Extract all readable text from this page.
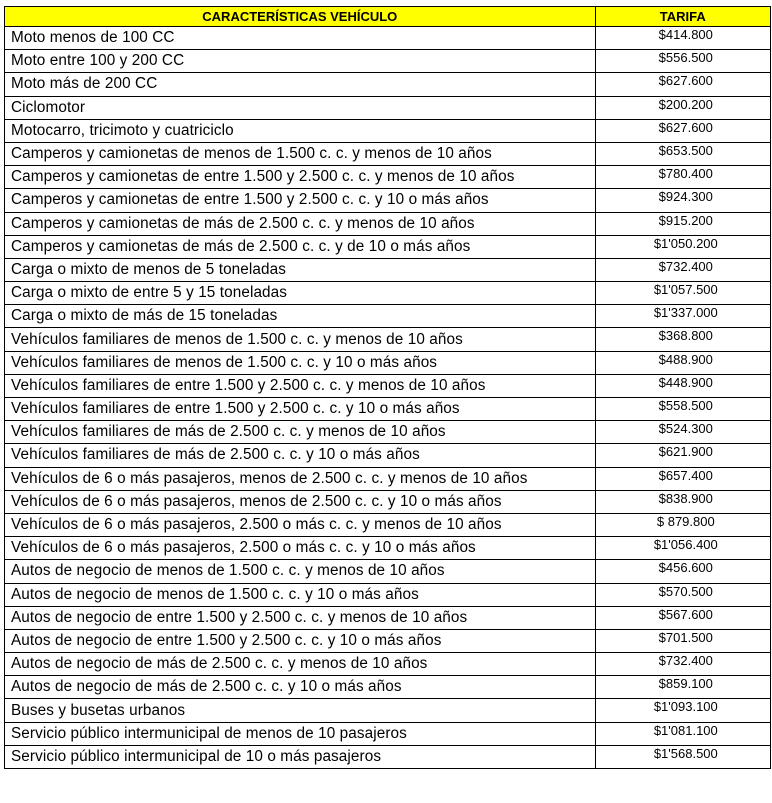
CARACTERÍSTICAS VEHÍCULO	TARIFA
Moto menos de 100 CC	$414.800
Moto entre 100 y 200 CC	$556.500
Moto más de 200 CC	$627.600
Ciclomotor	$200.200
Motocarro, tricimoto y cuatriciclo	$627.600
Camperos y camionetas de menos de 1.500 c. c. y menos de 10 años	$653.500
Camperos y camionetas de entre 1.500 y 2.500 c. c. y menos de 10 años	$780.400
Camperos y camionetas de entre 1.500 y 2.500 c. c. y 10 o más años	$924.300
Camperos y camionetas de más de 2.500 c. c. y menos de 10 años	$915.200
Camperos y camionetas de más de 2.500 c. c. y de 10 o más años	$1'050.200
Carga o mixto de menos de 5 toneladas	$732.400
Carga o mixto de entre 5 y 15 toneladas	$1'057.500
Carga o mixto de más de 15 toneladas	$1'337.000
Vehículos familiares de menos de 1.500 c. c. y menos de 10 años	$368.800
Vehículos familiares de menos de 1.500 c. c. y 10 o más años	$488.900
Vehículos familiares de entre 1.500 y 2.500 c. c. y menos de 10 años	$448.900
Vehículos familiares de entre 1.500 y 2.500 c. c. y 10 o más años	$558.500
Vehículos familiares de más de 2.500 c. c. y menos de 10 años	$524.300
Vehículos familiares de más de 2.500 c. c. y 10 o más años	$621.900
Vehículos de 6 o más pasajeros, menos de 2.500 c. c. y menos de 10 años	$657.400
Vehículos de 6 o más pasajeros, menos de 2.500 c. c. y 10 o más años	$838.900
Vehículos de 6 o más pasajeros, 2.500 o más c. c. y menos de 10 años	$ 879.800
Vehículos de 6 o más pasajeros, 2.500 o más c. c. y 10 o más años	$1'056.400
Autos de negocio de menos de 1.500 c. c. y menos de 10 años	$456.600
Autos de negocio de menos de 1.500 c. c. y 10 o más años	$570.500
Autos de negocio de entre 1.500 y 2.500 c. c. y menos de 10 años	$567.600
Autos de negocio de entre 1.500 y 2.500 c. c. y 10 o más años	$701.500
Autos de negocio de más de 2.500 c. c. y menos de 10 años	$732.400
Autos de negocio de más de 2.500 c. c. y 10 o más años	$859.100
Buses y busetas urbanos	$1'093.100
Servicio público intermunicipal de menos de 10 pasajeros	$1'081.100
Servicio público intermunicipal de 10 o más pasajeros	$1'568.500
